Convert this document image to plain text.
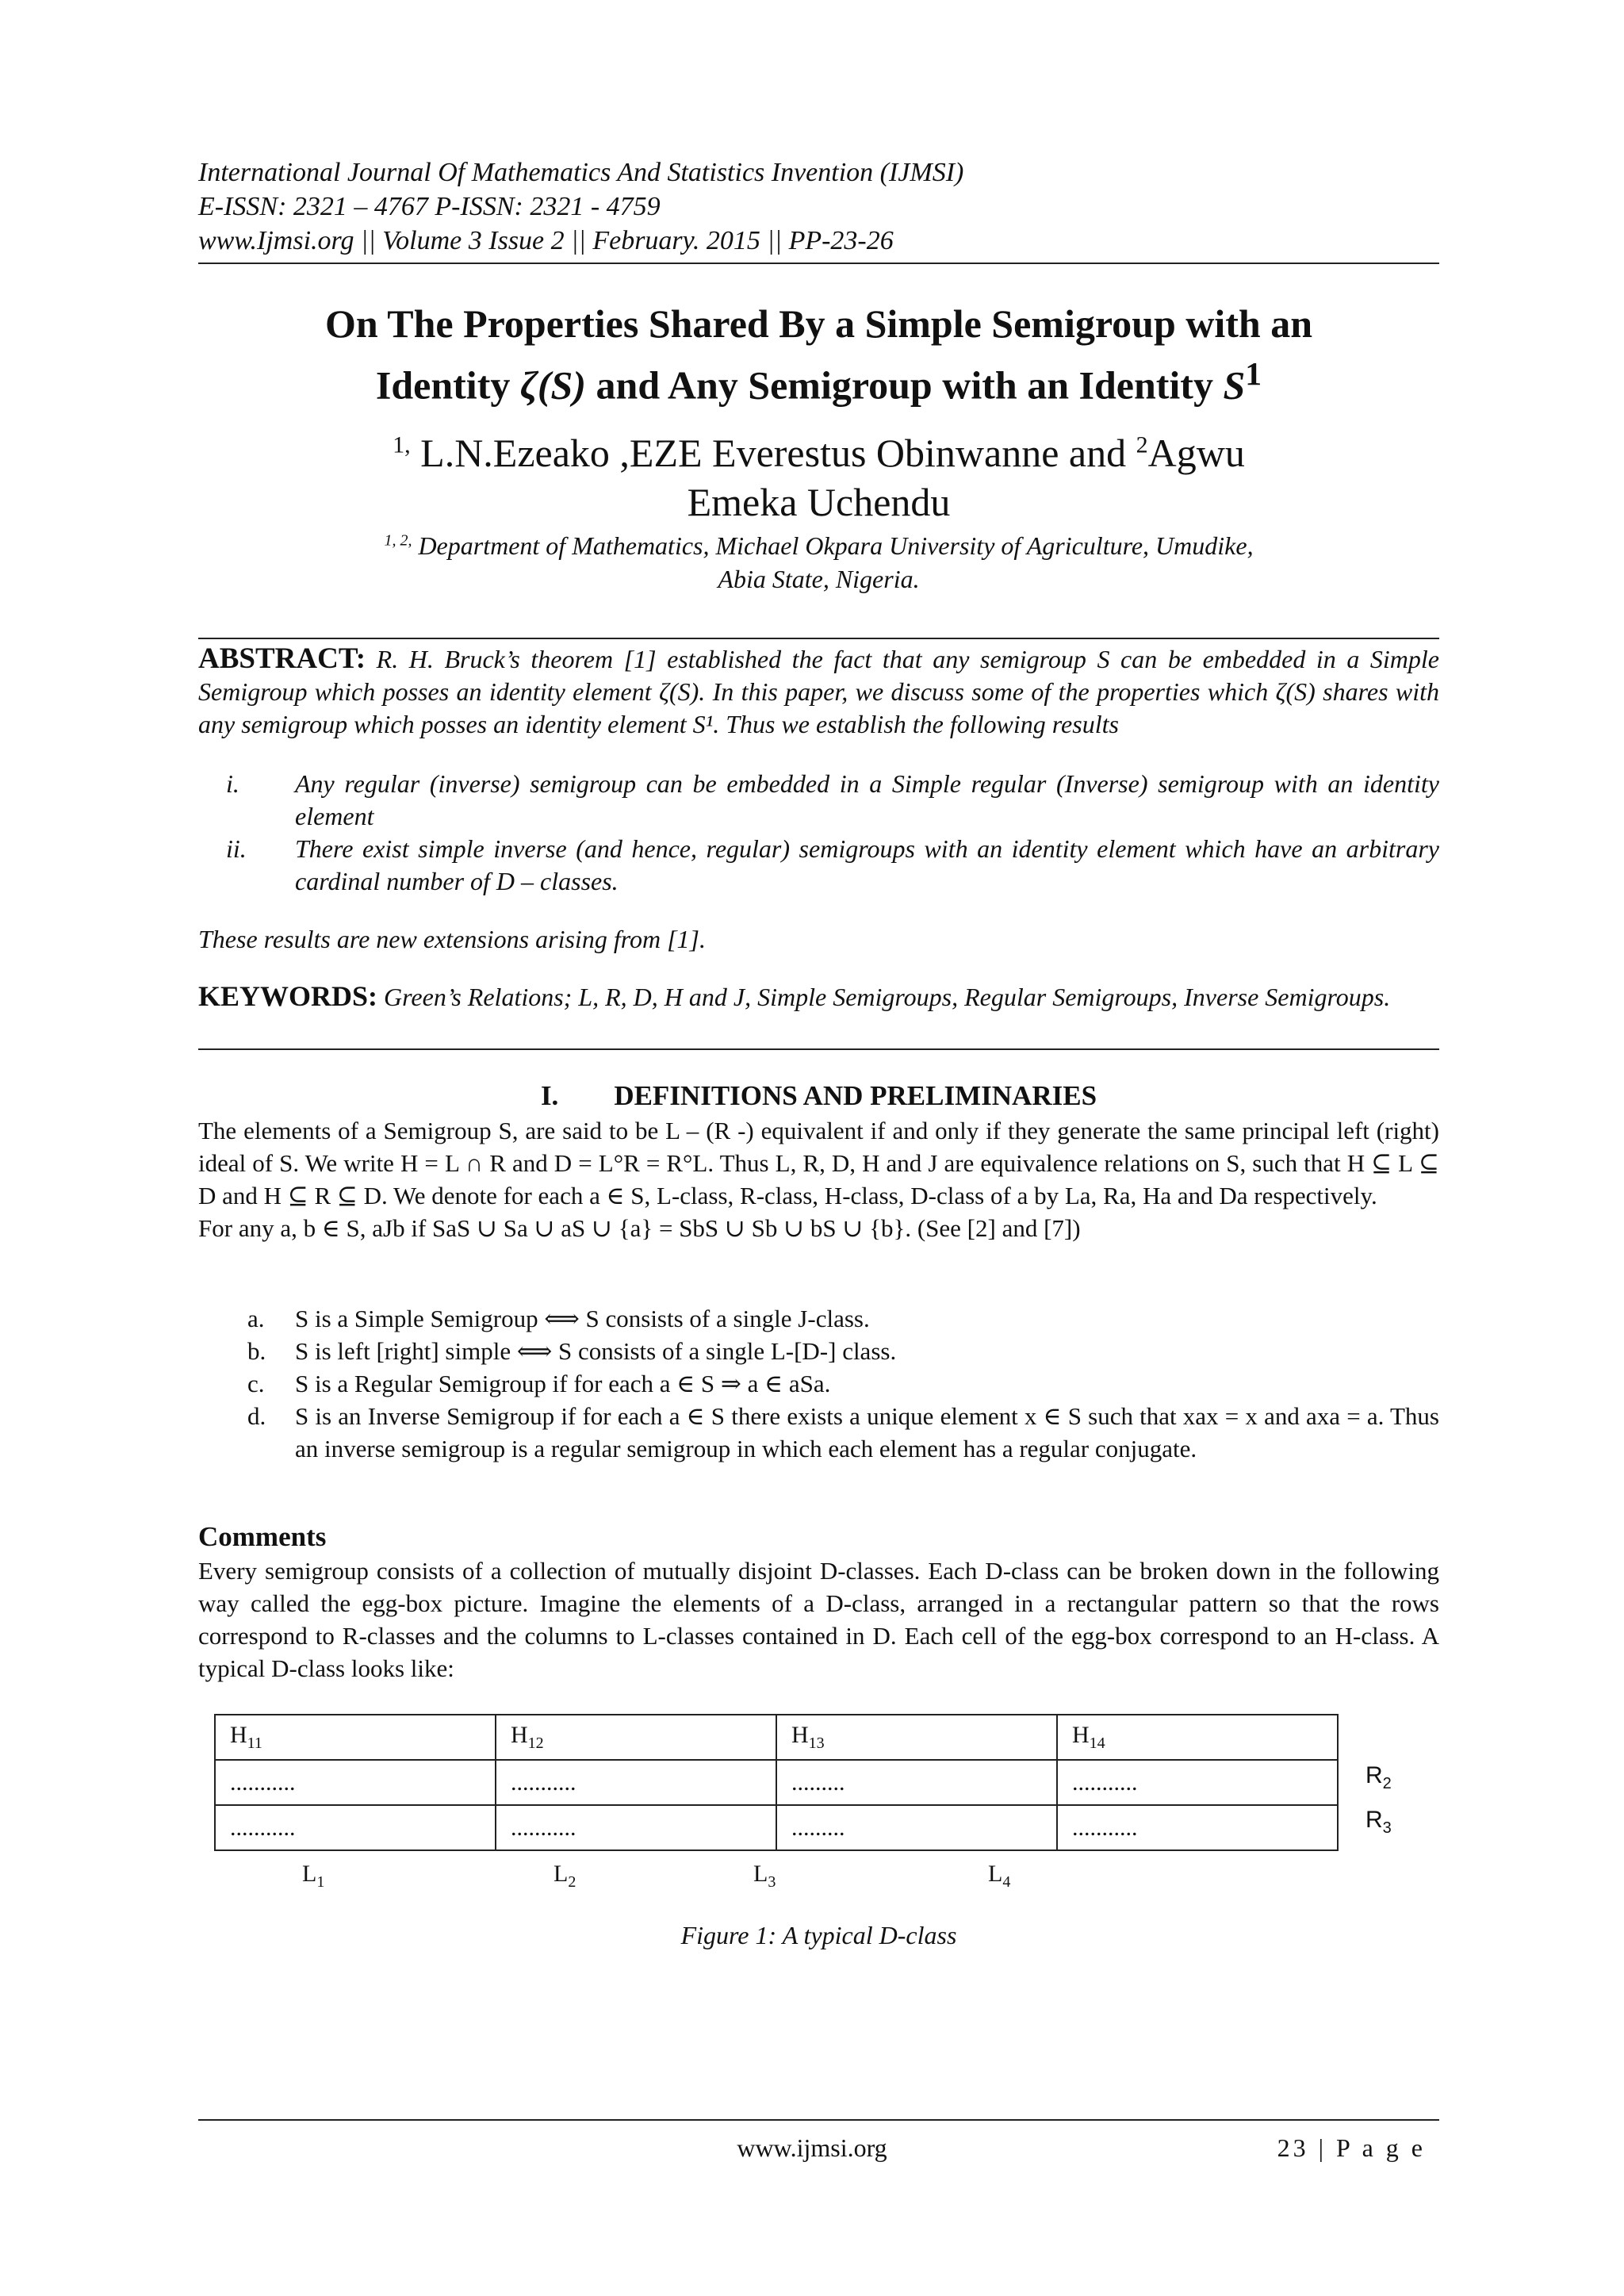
International Journal Of Mathematics And Statistics Invention (IJMSI)
E-ISSN: 2321 – 4767 P-ISSN: 2321 - 4759
www.Ijmsi.org || Volume 3 Issue 2 || February. 2015 || PP-23-26
On The Properties Shared By a Simple Semigroup with an
Identity ζ(S) and Any Semigroup with an Identity $S^1$
$^{1,}$ L.N.Ezeako ,EZE Everestus Obinwanne and $^2$Agwu
Emeka Uchendu
$^{1, 2,}$ Department of Mathematics, Michael Okpara University of Agriculture, Umudike,
Abia State, Nigeria.
ABSTRACT: R. H. Bruck’s theorem [1] established the fact that any semigroup S can be embedded in a Simple Semigroup which posses an identity element ζ(S). In this paper, we discuss some of the properties which ζ(S) shares with any semigroup which posses an identity element S¹. Thus we establish the following results
i.	Any regular (inverse) semigroup can be embedded in a Simple regular (Inverse) semigroup with an identity element
ii.	There exist simple inverse (and hence, regular) semigroups with an identity element which have an arbitrary cardinal number of D – classes.
These results are new extensions arising from [1].
KEYWORDS: Green’s Relations; L, R, D, H and J, Simple Semigroups, Regular Semigroups, Inverse Semigroups.
I. DEFINITIONS AND PRELIMINARIES

The elements of a Semigroup S, are said to be L – (R -) equivalent if and only if they generate the same principal left (right) ideal of S. We write H = L ∩ R and D = L°R = R°L. Thus L, R, D, H and J are equivalence relations on S, such that H ⊆ L ⊆ D and H ⊆ R ⊆ D. We denote for each a ∈ S, L-class, R-class, H-class, D-class of a by La, Ra, Ha and Da respectively.

For any a, b ∈ S, aJb if SaS ∪ Sa ∪ aS ∪ {a} = SbS ∪ Sb ∪ bS ∪ {b}. (See [2] and [7])

a.	S is a Simple Semigroup ⟺ S consists of a single J-class.
b.	S is left [right] simple ⟺ S consists of a single L-[D-] class.
c.	S is a Regular Semigroup if for each a ∈ S ⇒ a ∈ aSa.
d.	S is an Inverse Semigroup if for each a ∈ S there exists a unique element x ∈ S such that xax = x and axa = a. Thus an inverse semigroup is a regular semigroup in which each element has a regular conjugate.
Comments
Every semigroup consists of a collection of mutually disjoint D-classes. Each D-class can be broken down in the following way called the egg-box picture. Imagine the elements of a D-class, arranged in a rectangular pattern so that the rows correspond to R-classes and the columns to L-classes contained in D. Each cell of the egg-box correspond to an H-class. A typical D-class looks like:
$H_{11}$	$H_{12}$	$H_{13}$	$H_{14}$
...........	...........	.........	...........
...........	...........	.........	...........
$R_2$
$R_3$
$L_1$	$L_2$	$L_3$	$L_4$
Figure 1: A typical D-class
www.ijmsi.org	23 | P a g e
